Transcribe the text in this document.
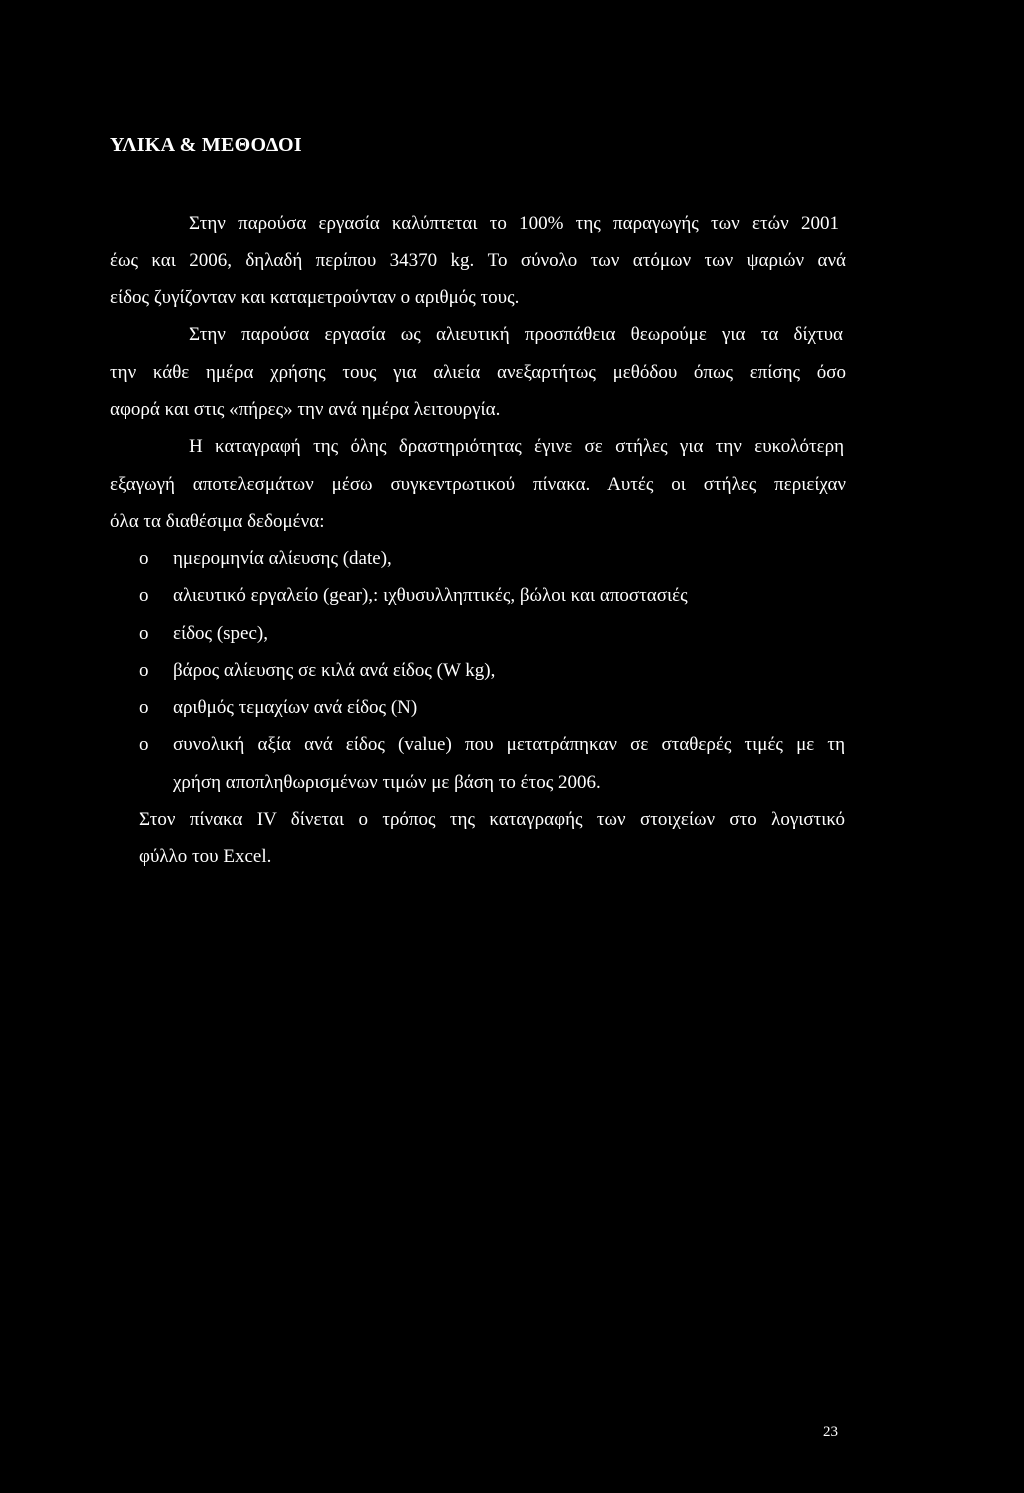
ΥΛΙΚΑ & ΜΕΘΟΔΟΙ
Στην παρούσα εργασία καλύπτεται το 100% της παραγωγής των ετών 2001
έως και 2006, δηλαδή περίπου 34370 kg. Το σύνολο των ατόμων των ψαριών ανά
είδος ζυγίζονταν και καταμετρούνταν ο αριθμός τους.
Στην παρούσα εργασία ως αλιευτική προσπάθεια θεωρούμε για τα δίχτυα
την κάθε ημέρα χρήσης τους για αλιεία ανεξαρτήτως μεθόδου όπως επίσης όσο
αφορά και στις «πήρες» την ανά ημέρα λειτουργία.
Η καταγραφή της όλης δραστηριότητας έγινε σε στήλες για την ευκολότερη
εξαγωγή αποτελεσμάτων μέσω συγκεντρωτικού πίνακα. Αυτές οι στήλες περιείχαν
όλα τα διαθέσιμα δεδομένα:
o ημερομηνία αλίευσης (date),
o αλιευτικό εργαλείο (gear),: ιχθυσυλληπτικές, βώλοι και αποστασιές
o είδος (spec),
o βάρος αλίευσης σε κιλά ανά είδος (W kg),
o αριθμός τεμαχίων ανά είδος (N)
o συνολική αξία ανά είδος (value) που μετατράπηκαν σε σταθερές τιμές με τη
χρήση αποπληθωρισμένων τιμών με βάση το έτος 2006.
Στον πίνακα IV δίνεται ο τρόπος της καταγραφής των στοιχείων στο λογιστικό
φύλλο του Excel.
23
